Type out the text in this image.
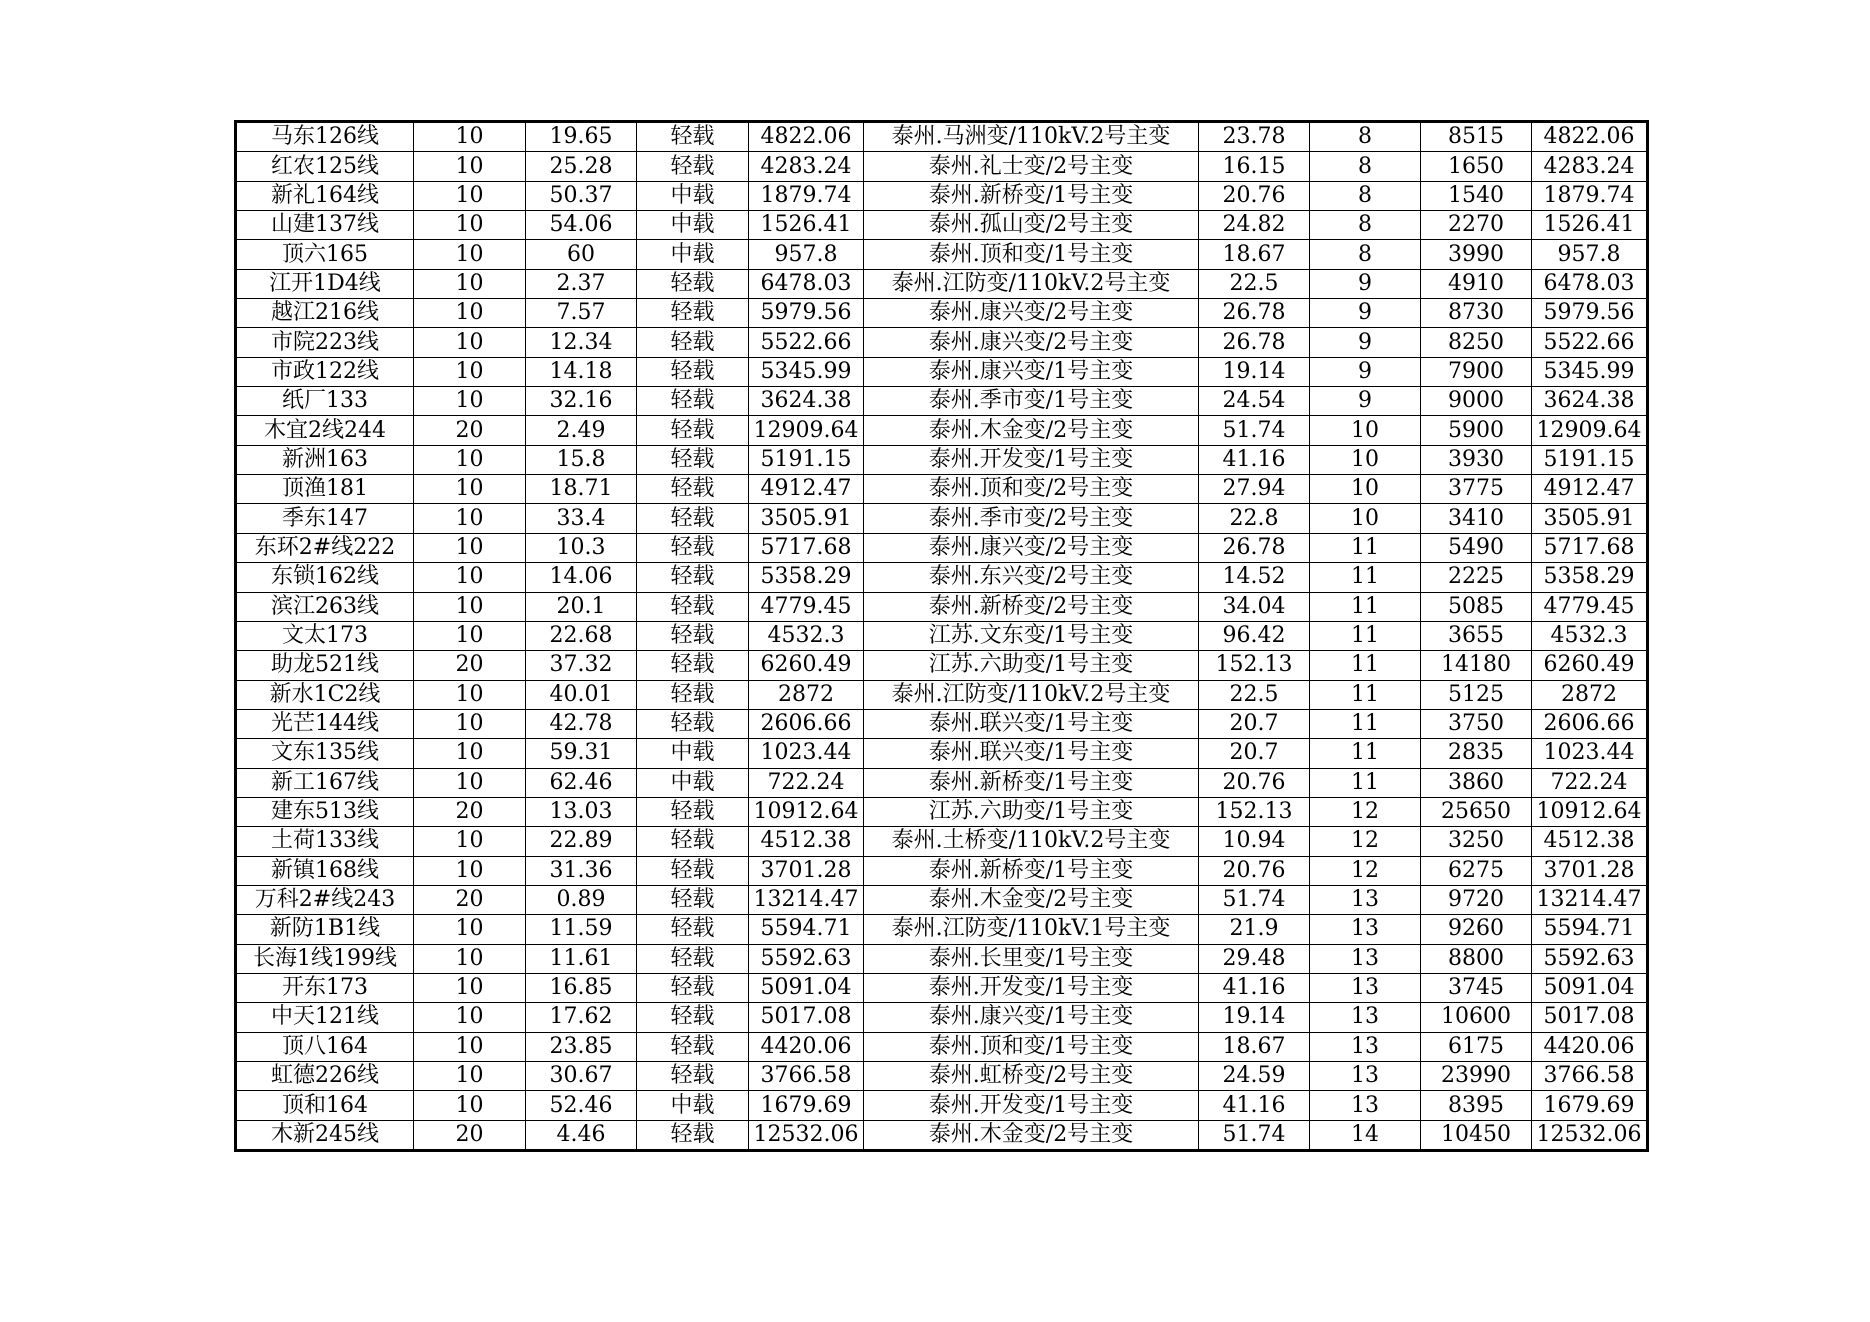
马东126线	10	19.65	轻载	4822.06	泰州.马洲变/110kV.2号主变	23.78	8	8515	4822.06
红农125线	10	25.28	轻载	4283.24	泰州.礼士变/2号主变	16.15	8	1650	4283.24
新礼164线	10	50.37	中载	1879.74	泰州.新桥变/1号主变	20.76	8	1540	1879.74
山建137线	10	54.06	中载	1526.41	泰州.孤山变/2号主变	24.82	8	2270	1526.41
顶六165	10	60	中载	957.8	泰州.顶和变/1号主变	18.67	8	3990	957.8
江开1D4线	10	2.37	轻载	6478.03	泰州.江防变/110kV.2号主变	22.5	9	4910	6478.03
越江216线	10	7.57	轻载	5979.56	泰州.康兴变/2号主变	26.78	9	8730	5979.56
市院223线	10	12.34	轻载	5522.66	泰州.康兴变/2号主变	26.78	9	8250	5522.66
市政122线	10	14.18	轻载	5345.99	泰州.康兴变/1号主变	19.14	9	7900	5345.99
纸厂133	10	32.16	轻载	3624.38	泰州.季市变/1号主变	24.54	9	9000	3624.38
木宜2线244	20	2.49	轻载	12909.64	泰州.木金变/2号主变	51.74	10	5900	12909.64
新洲163	10	15.8	轻载	5191.15	泰州.开发变/1号主变	41.16	10	3930	5191.15
顶渔181	10	18.71	轻载	4912.47	泰州.顶和变/2号主变	27.94	10	3775	4912.47
季东147	10	33.4	轻载	3505.91	泰州.季市变/2号主变	22.8	10	3410	3505.91
东环2#线222	10	10.3	轻载	5717.68	泰州.康兴变/2号主变	26.78	11	5490	5717.68
东锁162线	10	14.06	轻载	5358.29	泰州.东兴变/2号主变	14.52	11	2225	5358.29
滨江263线	10	20.1	轻载	4779.45	泰州.新桥变/2号主变	34.04	11	5085	4779.45
文太173	10	22.68	轻载	4532.3	江苏.文东变/1号主变	96.42	11	3655	4532.3
助龙521线	20	37.32	轻载	6260.49	江苏.六助变/1号主变	152.13	11	14180	6260.49
新水1C2线	10	40.01	轻载	2872	泰州.江防变/110kV.2号主变	22.5	11	5125	2872
光芒144线	10	42.78	轻载	2606.66	泰州.联兴变/1号主变	20.7	11	3750	2606.66
文东135线	10	59.31	中载	1023.44	泰州.联兴变/1号主变	20.7	11	2835	1023.44
新工167线	10	62.46	中载	722.24	泰州.新桥变/1号主变	20.76	11	3860	722.24
建东513线	20	13.03	轻载	10912.64	江苏.六助变/1号主变	152.13	12	25650	10912.64
土荷133线	10	22.89	轻载	4512.38	泰州.土桥变/110kV.2号主变	10.94	12	3250	4512.38
新镇168线	10	31.36	轻载	3701.28	泰州.新桥变/1号主变	20.76	12	6275	3701.28
万科2#线243	20	0.89	轻载	13214.47	泰州.木金变/2号主变	51.74	13	9720	13214.47
新防1B1线	10	11.59	轻载	5594.71	泰州.江防变/110kV.1号主变	21.9	13	9260	5594.71
长海1线199线	10	11.61	轻载	5592.63	泰州.长里变/1号主变	29.48	13	8800	5592.63
开东173	10	16.85	轻载	5091.04	泰州.开发变/1号主变	41.16	13	3745	5091.04
中天121线	10	17.62	轻载	5017.08	泰州.康兴变/1号主变	19.14	13	10600	5017.08
顶八164	10	23.85	轻载	4420.06	泰州.顶和变/1号主变	18.67	13	6175	4420.06
虹德226线	10	30.67	轻载	3766.58	泰州.虹桥变/2号主变	24.59	13	23990	3766.58
顶和164	10	52.46	中载	1679.69	泰州.开发变/1号主变	41.16	13	8395	1679.69
木新245线	20	4.46	轻载	12532.06	泰州.木金变/2号主变	51.74	14	10450	12532.06
